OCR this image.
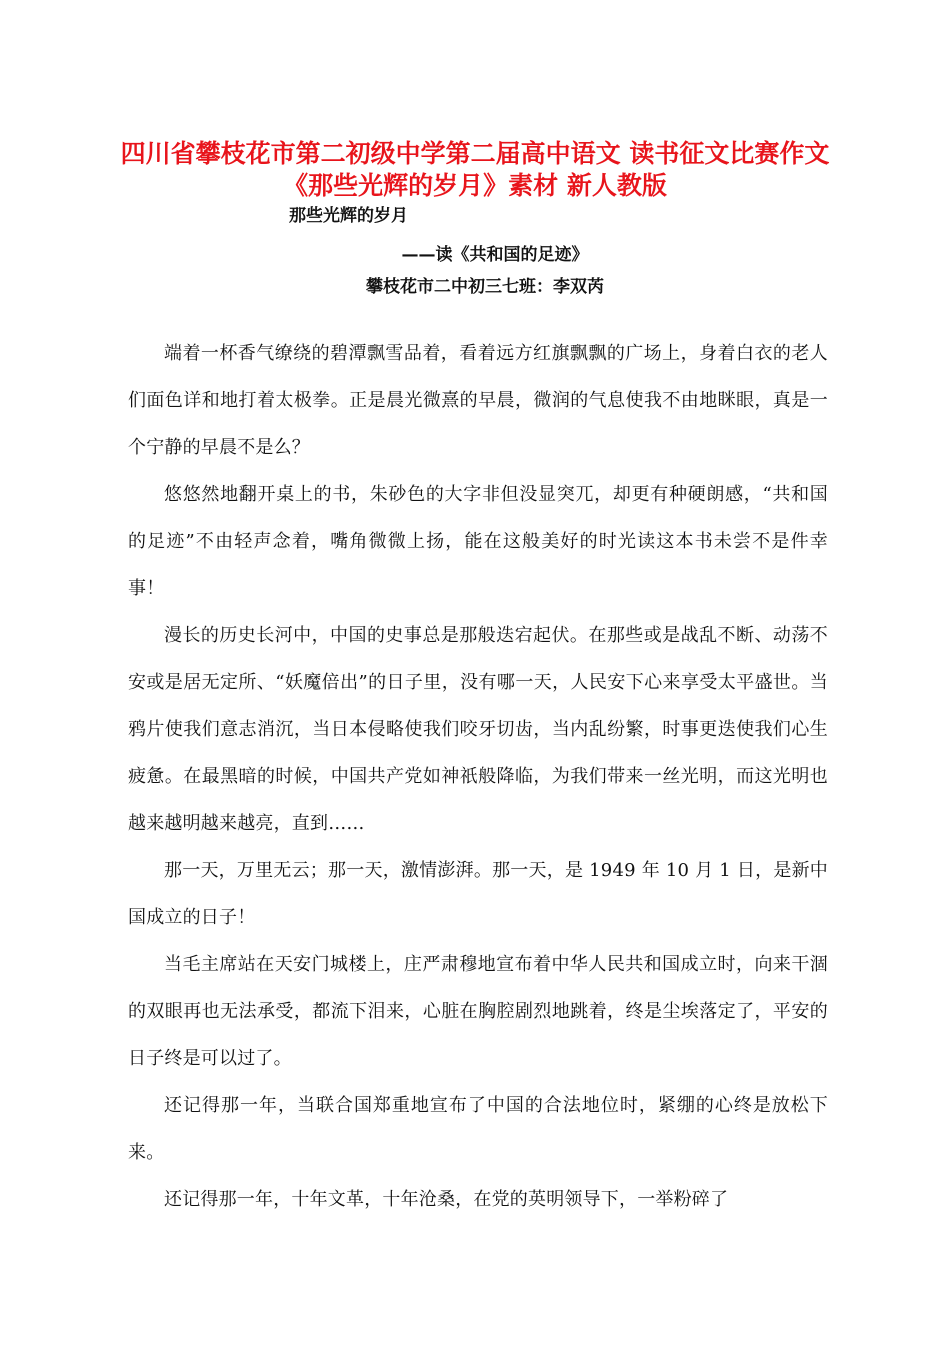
四川省攀枝花市第二初级中学第二届高中语文 读书征文比赛作文《那些光辉的岁月》素材 新人教版
那些光辉的岁月
——读《共和国的足迹》
攀枝花市二中初三七班：李双芮

端着一杯香气缭绕的碧潭飘雪品着，看着远方红旗飘飘的广场上，身着白衣的老人们面色详和地打着太极拳。正是晨光微熹的早晨，微润的气息使我不由地眯眼，真是一个宁静的早晨不是么？

悠悠然地翻开桌上的书，朱砂色的大字非但没显突兀，却更有种硬朗感，“共和国的足迹”不由轻声念着，嘴角微微上扬，能在这般美好的时光读这本书未尝不是件幸事！

漫长的历史长河中，中国的史事总是那般迭宕起伏。在那些或是战乱不断、动荡不安或是居无定所、“妖魔倍出”的日子里，没有哪一天，人民安下心来享受太平盛世。当鸦片使我们意志消沉，当日本侵略使我们咬牙切齿，当内乱纷繁，时事更迭使我们心生疲惫。在最黑暗的时候，中国共产党如神祇般降临，为我们带来一丝光明，而这光明也越来越明越来越亮，直到……

那一天，万里无云；那一天，激情澎湃。那一天，是 1949 年 10 月 1 日，是新中国成立的日子！

当毛主席站在天安门城楼上，庄严肃穆地宣布着中华人民共和国成立时，向来干涸的双眼再也无法承受，都流下泪来，心脏在胸腔剧烈地跳着，终是尘埃落定了，平安的日子终是可以过了。

还记得那一年，当联合国郑重地宣布了中国的合法地位时，紧绷的心终是放松下来。

还记得那一年，十年文革，十年沧桑，在党的英明领导下，一举粉碎了
